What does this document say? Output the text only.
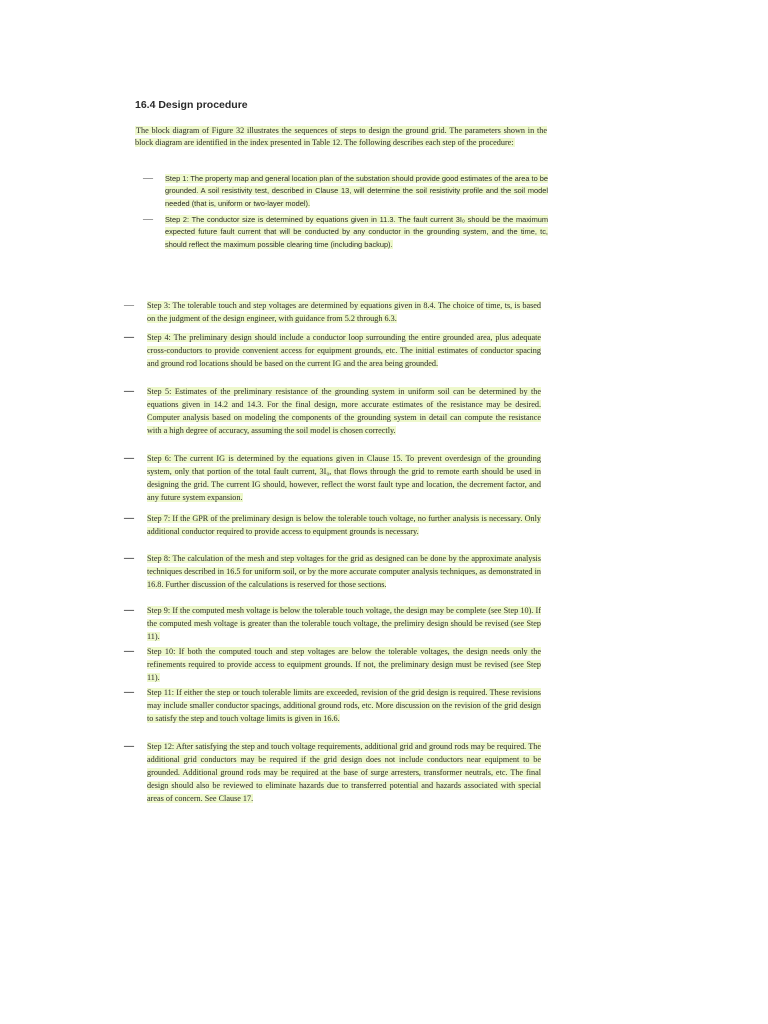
16.4 Design procedure

The block diagram of Figure 32 illustrates the sequences of steps to design the ground grid. The parameters shown in the block diagram are identified in the index presented in Table 12. The following describes each step of the procedure:

— Step 1: The property map and general location plan of the substation should provide good estimates of the area to be grounded. A soil resistivity test, described in Clause 13, will determine the soil resistivity profile and the soil model needed (that is, uniform or two-layer model).

— Step 2: The conductor size is determined by equations given in 11.3. The fault current 3I₀ should be the maximum expected future fault current that will be conducted by any conductor in the grounding system, and the time, tc, should reflect the maximum possible clearing time (including backup).

— Step 3: The tolerable touch and step voltages are determined by equations given in 8.4. The choice of time, ts, is based on the judgment of the design engineer, with guidance from 5.2 through 6.3.

— Step 4: The preliminary design should include a conductor loop surrounding the entire grounded area, plus adequate cross-conductors to provide convenient access for equipment grounds, etc. The initial estimates of conductor spacing and ground rod locations should be based on the current IG and the area being grounded.

— Step 5: Estimates of the preliminary resistance of the grounding system in uniform soil can be determined by the equations given in 14.2 and 14.3. For the final design, more accurate estimates of the resistance may be desired. Computer analysis based on modeling the components of the grounding system in detail can compute the resistance with a high degree of accuracy, assuming the soil model is chosen correctly.

— Step 6: The current IG is determined by the equations given in Clause 15. To prevent overdesign of the grounding system, only that portion of the total fault current, 3I₀, that flows through the grid to remote earth should be used in designing the grid. The current IG should, however, reflect the worst fault type and location, the decrement factor, and any future system expansion.

— Step 7: If the GPR of the preliminary design is below the tolerable touch voltage, no further analysis is necessary. Only additional conductor required to provide access to equipment grounds is necessary.

— Step 8: The calculation of the mesh and step voltages for the grid as designed can be done by the approximate analysis techniques described in 16.5 for uniform soil, or by the more accurate computer analysis techniques, as demonstrated in 16.8. Further discussion of the calculations is reserved for those sections.

— Step 9: If the computed mesh voltage is below the tolerable touch voltage, the design may be complete (see Step 10). If the computed mesh voltage is greater than the tolerable touch voltage, the prelimiry design should be revised (see Step 11).

— Step 10: If both the computed touch and step voltages are below the tolerable voltages, the design needs only the refinements required to provide access to equipment grounds. If not, the preliminary design must be revised (see Step 11).

— Step 11: If either the step or touch tolerable limits are exceeded, revision of the grid design is required. These revisions may include smaller conductor spacings, additional ground rods, etc. More discussion on the revision of the grid design to satisfy the step and touch voltage limits is given in 16.6.

— Step 12: After satisfying the step and touch voltage requirements, additional grid and ground rods may be required. The additional grid conductors may be required if the grid design does not include conductors near equipment to be grounded. Additional ground rods may be required at the base of surge arresters, transformer neutrals, etc. The final design should also be reviewed to eliminate hazards due to transferred potential and hazards associated with special areas of concern. See Clause 17.
